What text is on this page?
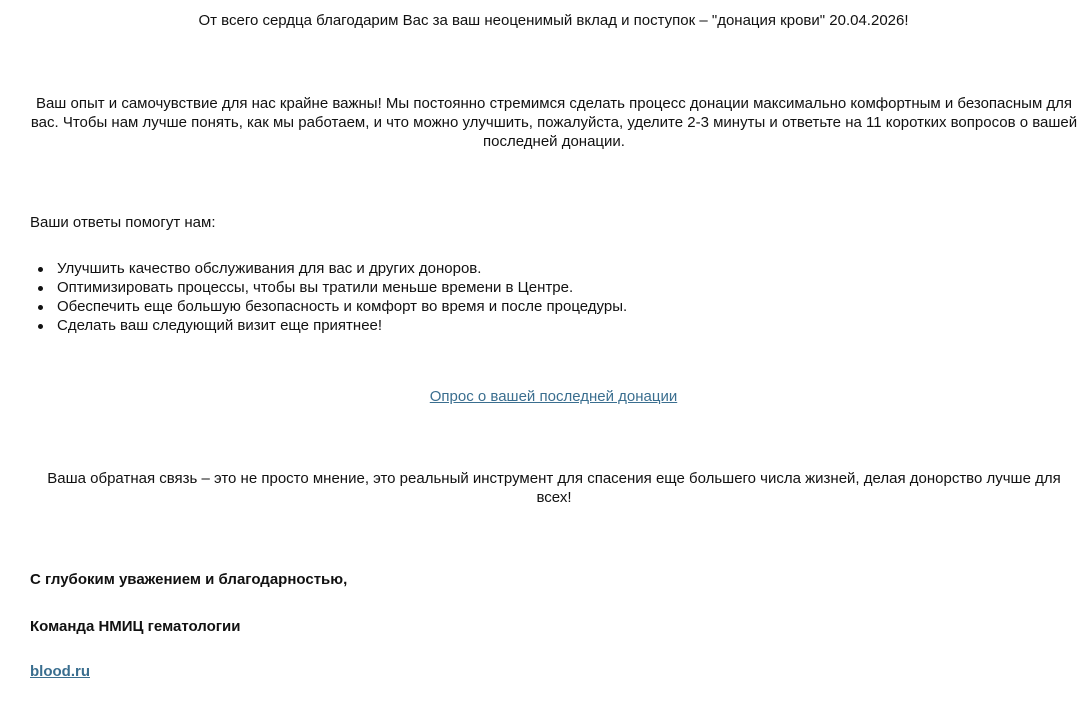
От всего сердца благодарим Вас за ваш неоценимый вклад и поступок – "донация крови" 20.04.2026!

Ваш опыт и самочувствие для нас крайне важны! Мы постоянно стремимся сделать процесс донации максимально комфортным и безопасным для вас. Чтобы нам лучше понять, как мы работаем, и что можно улучшить, пожалуйста, уделите 2-3 минуты и ответьте на 11 коротких вопросов о вашей последней донации.

Ваши ответы помогут нам:

Улучшить качество обслуживания для вас и других доноров.
Оптимизировать процессы, чтобы вы тратили меньше времени в Центре.
Обеспечить еще большую безопасность и комфорт во время и после процедуры.
Сделать ваш следующий визит еще приятнее!

Опрос о вашей последней донации

Ваша обратная связь – это не просто мнение, это реальный инструмент для спасения еще большего числа жизней, делая донорство лучше для всех!

С глубоким уважением и благодарностью,

Команда НМИЦ гематологии

blood.ru
